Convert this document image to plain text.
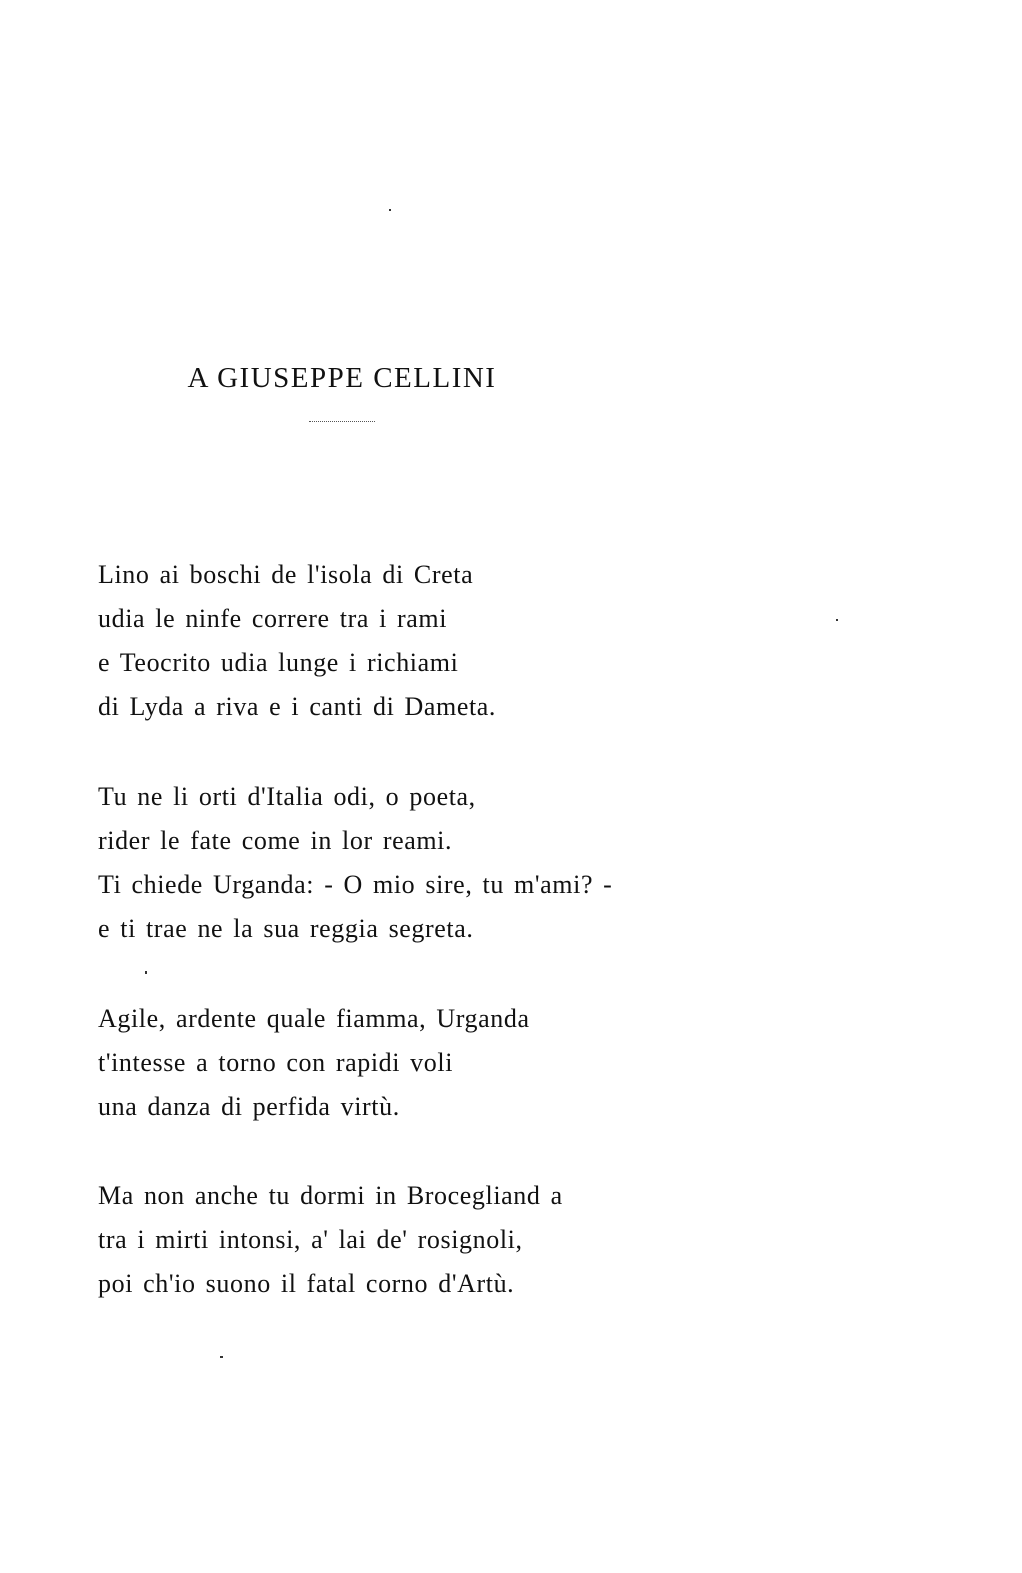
A GIUSEPPE CELLINI
Lino ai boschi de l'isola di Creta
udia le ninfe correre tra i rami
e Teocrito udia lunge i richiami
di Lyda a riva e i canti di Dameta.
Tu ne li orti d'Italia odi, o poeta,
rider le fate come in lor reami.
Ti chiede Urganda: - O mio sire, tu m'ami? -
e ti trae ne la sua reggia segreta.
Agile, ardente quale fiamma, Urganda
t'intesse a torno con rapidi voli
una danza di perfida virtù.
Ma non anche tu dormi in Brocegliand a
tra i mirti intonsi, a' lai de' rosignoli,
poi ch'io suono il fatal corno d'Artù.
